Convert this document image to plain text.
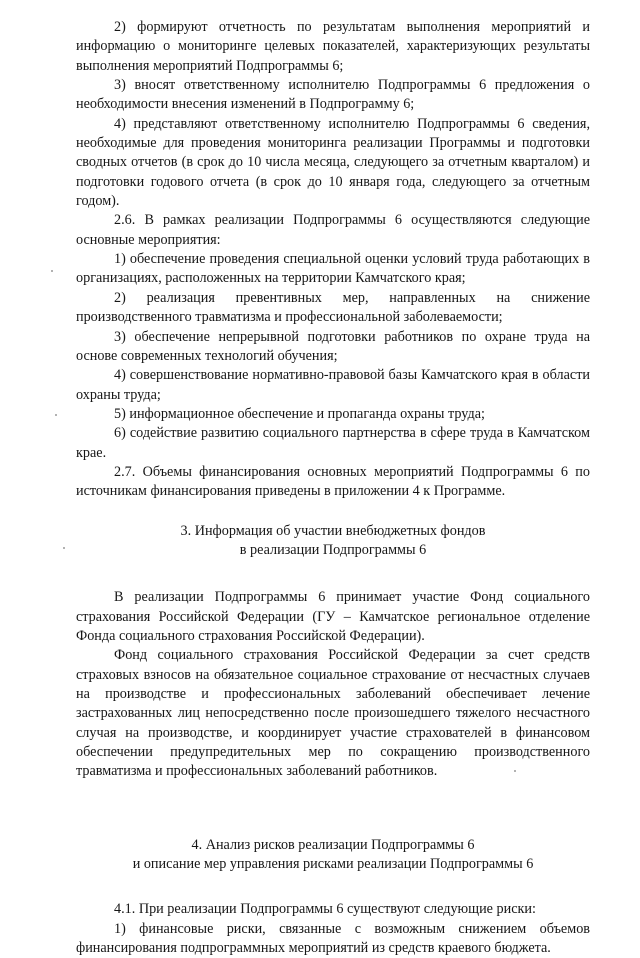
2) формируют отчетность по результатам выполнения мероприятий и информацию о мониторинге целевых показателей, характеризующих результаты выполнения мероприятий Подпрограммы 6;

3) вносят ответственному исполнителю Подпрограммы 6 предложения о необходимости внесения изменений в Подпрограмму 6;

4) представляют ответственному исполнителю Подпрограммы 6 сведения, необходимые для проведения мониторинга реализации Программы и подготовки сводных отчетов (в срок до 10 числа месяца, следующего за отчетным кварталом) и подготовки годового отчета (в срок до 10 января года, следующего за отчетным годом).

2.6. В рамках реализации Подпрограммы 6 осуществляются следующие основные мероприятия:

1) обеспечение проведения специальной оценки условий труда работающих в организациях, расположенных на территории Камчатского края;

2) реализация превентивных мер, направленных на снижение производственного травматизма и профессиональной заболеваемости;

3) обеспечение непрерывной подготовки работников по охране труда на основе современных технологий обучения;

4) совершенствование нормативно-правовой базы Камчатского края в области охраны труда;

5) информационное обеспечение и пропаганда охраны труда;

6) содействие развитию социального партнерства в сфере труда в Камчатском крае.

2.7. Объемы финансирования основных мероприятий Подпрограммы 6 по источникам финансирования приведены в приложении 4 к Программе.

3. Информация об участии внебюджетных фондов

в реализации Подпрограммы 6

В реализации Подпрограммы 6 принимает участие Фонд социального страхования Российской Федерации (ГУ – Камчатское региональное отделение Фонда социального страхования Российской Федерации).

Фонд социального страхования Российской Федерации за счет средств страховых взносов на обязательное социальное страхование от несчастных случаев на производстве и профессиональных заболеваний обеспечивает лечение застрахованных лиц непосредственно после произошедшего тяжелого несчастного случая на производстве, и координирует участие страхователей в финансовом обеспечении предупредительных мер по сокращению производственного травматизма и профессиональных заболеваний работников.

4. Анализ рисков реализации Подпрограммы 6

и описание мер управления рисками реализации Подпрограммы 6

4.1. При реализации Подпрограммы 6 существуют следующие риски:

1) финансовые риски, связанные с возможным снижением объемов финансирования подпрограммных мероприятий из средств краевого бюджета.
